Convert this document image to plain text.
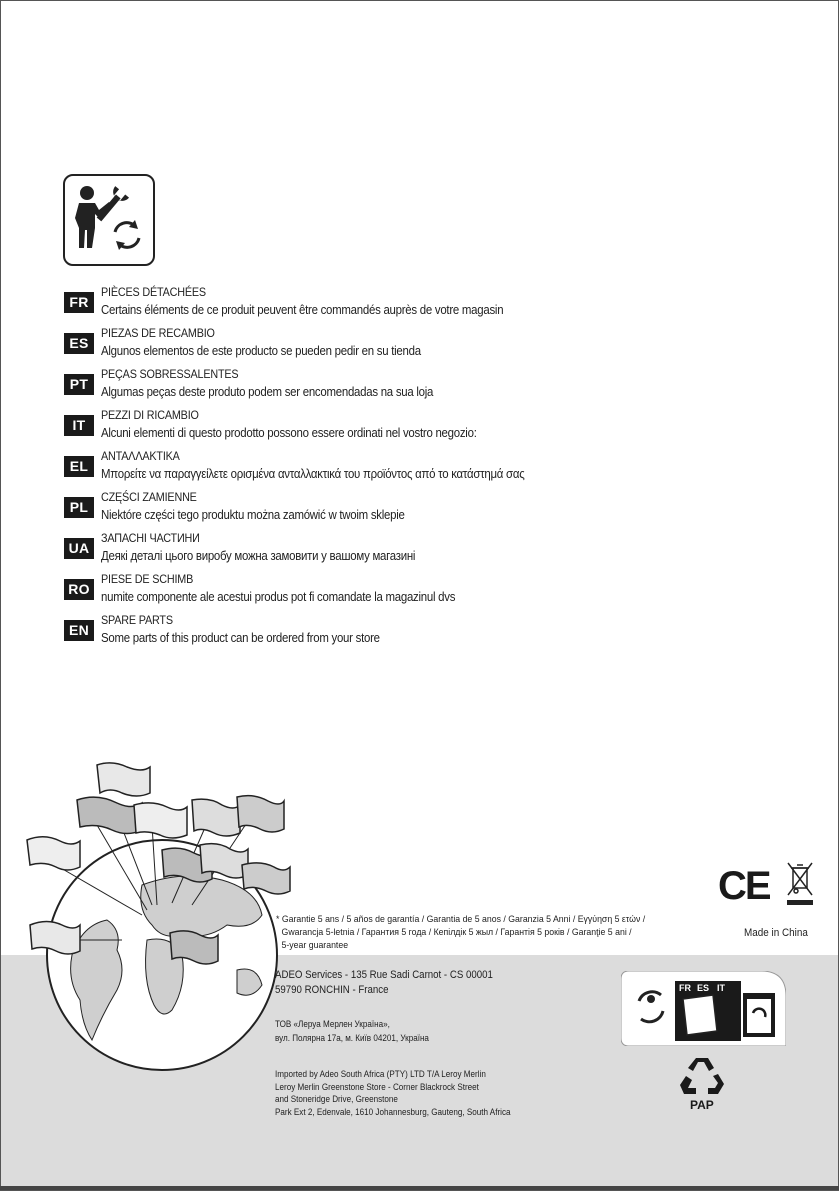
FR
PIÈCES DÉTACHÉES
Certains éléments de ce produit peuvent être commandés auprès de votre magasin
ES
PIEZAS DE RECAMBIO
Algunos elementos de este producto se pueden pedir en su tienda
PT
PEÇAS SOBRESSALENTES
Algumas peças deste produto podem ser encomendadas na sua loja
IT
PEZZI DI RICAMBIO
Alcuni elementi di questo prodotto possono essere ordinati nel vostro negozio:
EL
ΑΝΤΑΛΛΑΚΤΙΚΑ
Μπορείτε να παραγγείλετε ορισμένα ανταλλακτικά του προϊόντος από το κατάστημά σας
PL
CZĘŚCI ZAMIENNE
Niektóre części tego produktu można zamówić w twoim sklepie
UA
ЗАПАСНІ ЧАСТИНИ
Деякі деталі цього виробу можна замовити у вашому магазині
RO
PIESE DE SCHIMB
numite componente ale acestui produs pot fi comandate la magazinul dvs
EN
SPARE PARTS
Some parts of this product can be ordered from your store
* Garantie 5 ans / 5 años de garantía / Garantia de 5 anos / Garanzia 5 Anni / Εγγύηση 5 ετών /
Gwarancja 5-letnia / Гарантия 5 года / Кепілдік 5 жыл / Гарантія 5 років / Garanţie 5 ani /
5-year guarantee
CE
Made in China
ADEO Services - 135 Rue Sadi Carnot - CS 00001
59790 RONCHIN - France
ТОВ «Леруа Мерлен Україна»,
вул. Полярна 17а, м. Київ 04201, Україна
Imported by Adeo South Africa (PTY) LTD T/A Leroy Merlin
Leroy Merlin Greenstone Store - Corner Blackrock Street
and Stoneridge Drive, Greenstone
Park Ext 2, Edenvale, 1610 Johannesburg, Gauteng, South Africa
FR ES IT
PAP
